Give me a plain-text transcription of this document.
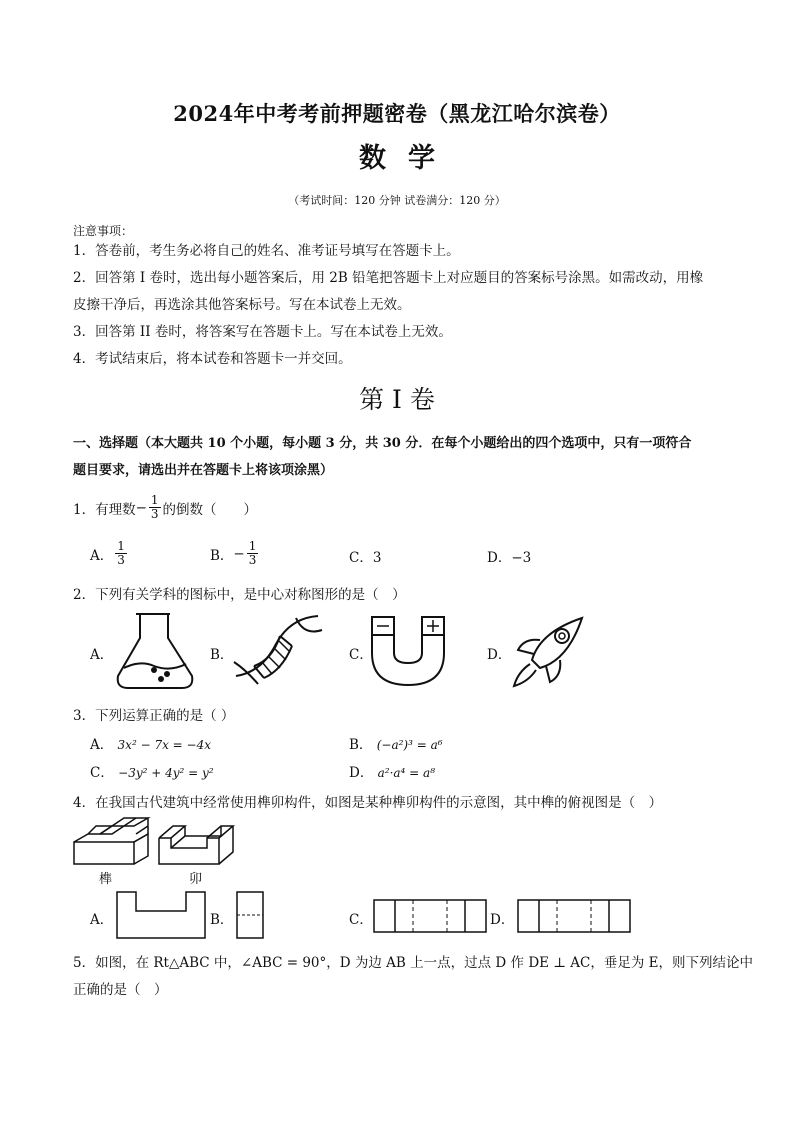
2024年中考考前押题密卷（黑龙江哈尔滨卷）
数学
（考试时间：120 分钟 试卷满分：120 分）
注意事项：
1．答卷前，考生务必将自己的姓名、准考证号填写在答题卡上。
2．回答第 I 卷时，选出每小题答案后，用 2B 铅笔把答题卡上对应题目的答案标号涂黑。如需改动，用橡
皮擦干净后，再选涂其他答案标号。写在本试卷上无效。
3．回答第 II 卷时，将答案写在答题卡上。写在本试卷上无效。
4．考试结束后，将本试卷和答题卡一并交回。
第 I 卷
一、选择题（本大题共 10 个小题，每小题 3 分，共 30 分．在每个小题给出的四个选项中，只有一项符合
题目要求，请选出并在答题卡上将该项涂黑）
1．有理数 − $\frac{1}{3}$ 的倒数（　　）
A． $\frac{1}{3}$	B． − $\frac{1}{3}$	C．3	D．−3
2．下列有关学科的图标中，是中心对称图形的是（　）
A．	B．	C．	D．
3．下列运算正确的是（ ）
A． 3x² − 7x = −4x	B． (−a²)³ = a⁶
C． −3y² + 4y² = y²	D． a²·a⁴ = a⁸
4．在我国古代建筑中经常使用榫卯构件，如图是某种榫卯构件的示意图，其中榫的俯视图是（　）
榫	卯
A．	B．	C．	D．
5．如图，在 Rt△ABC 中，∠ABC = 90°，D 为边 AB 上一点，过点 D 作 DE ⊥ AC，垂足为 E，则下列结论中
正确的是（　）
